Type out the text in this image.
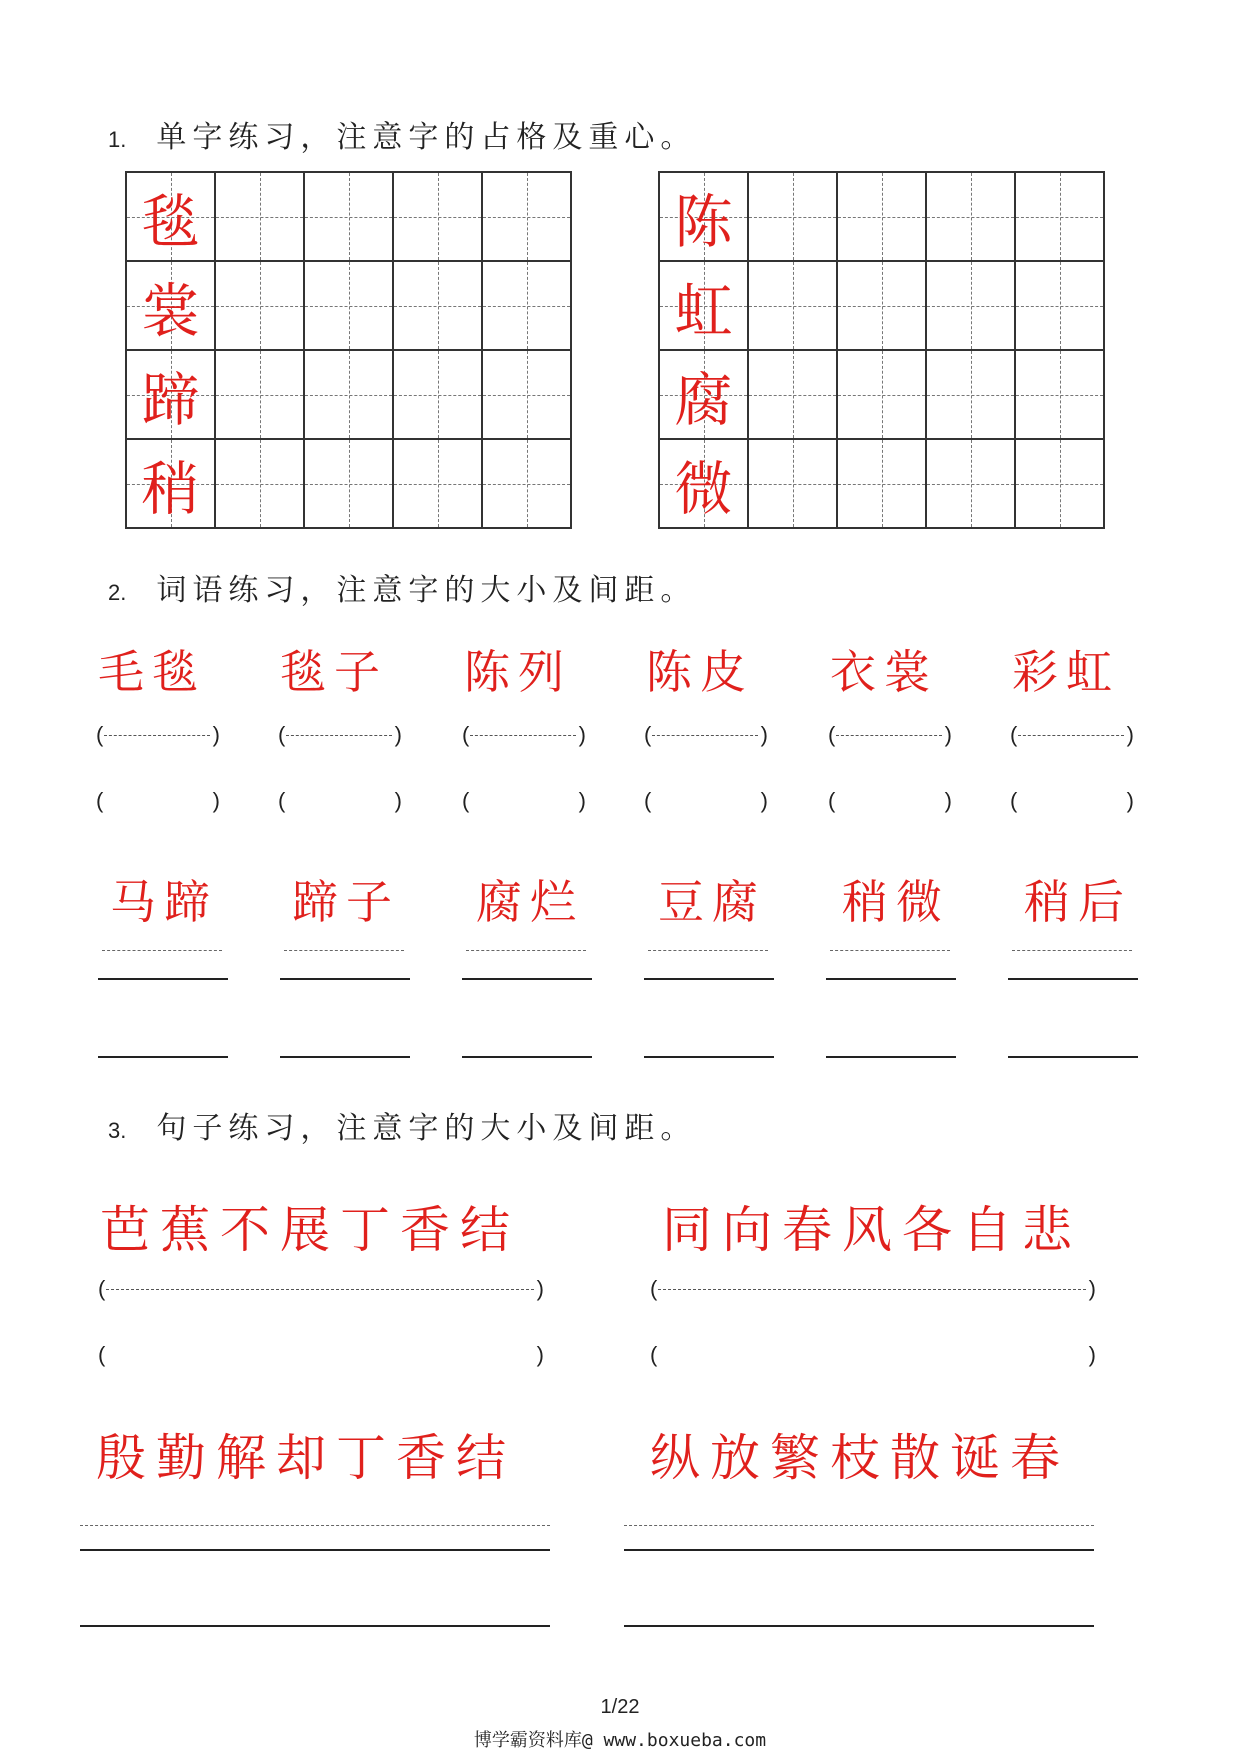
1. 单字练习，注意字的占格及重心。
毯
裳
蹄
稍
陈
虹
腐
微
2. 词语练习，注意字的大小及间距。
毛毯
(	)
(	)
马蹄
毯子
(	)
(	)
蹄子
陈列
(	)
(	)
腐烂
陈皮
(	)
(	)
豆腐
衣裳
(	)
(	)
稍微
彩虹
(	)
(	)
稍后
3. 句子练习，注意字的大小及间距。
芭蕉不展丁香结	同向春风各自悲
(	)	(	)
(	)	(	)
殷勤解却丁香结	纵放繁枝散诞春
1/22
博学霸资料库@ www.boxueba.com
